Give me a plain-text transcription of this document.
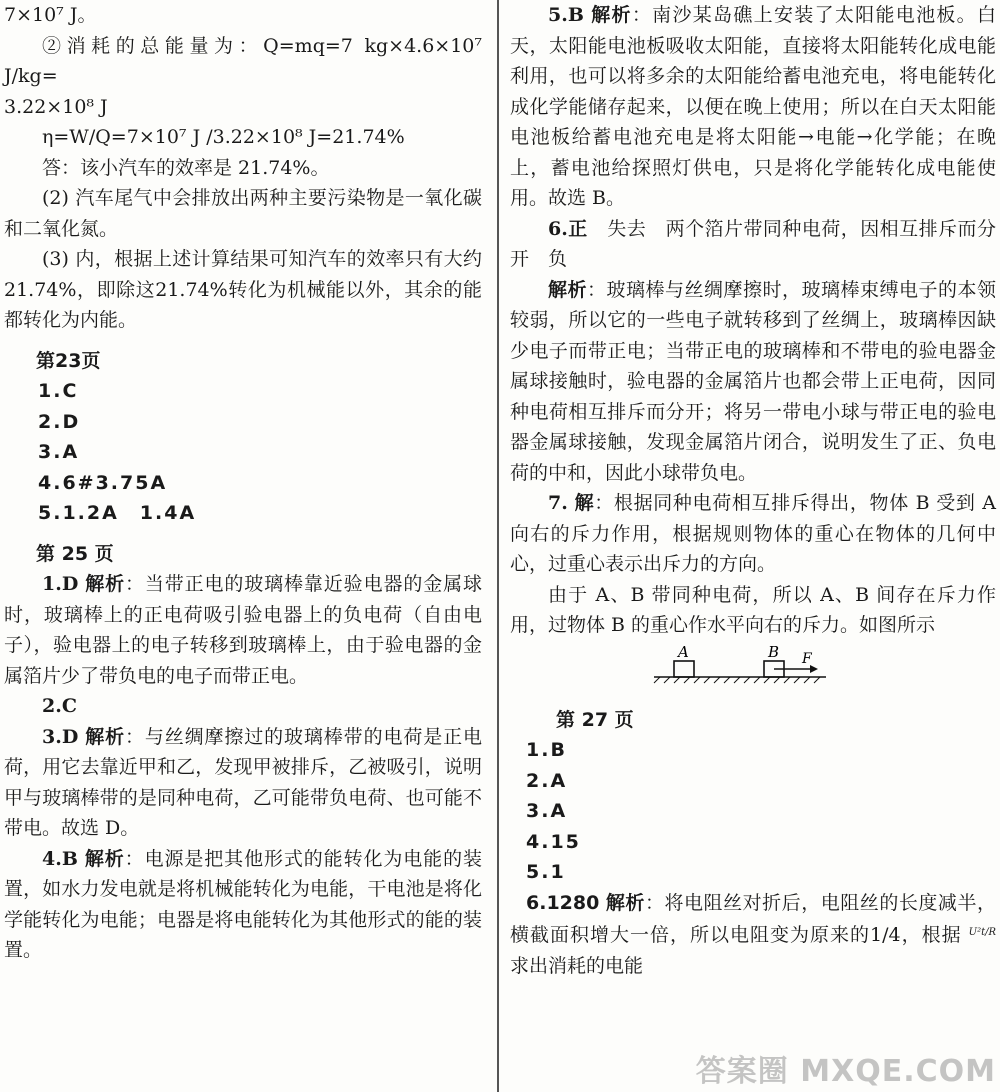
7×10⁷ J。

②消耗的总能量为：Q=mq=7 kg×4.6×10⁷ J/kg=

3.22×10⁸ J

η=W/Q=7×10⁷ J /3.22×10⁸ J=21.74%

答：该小汽车的效率是 21.74%。

(2) 汽车尾气中会排放出两种主要污染物是一氧化碳和二氧化氮。

(3) 内，根据上述计算结果可知汽车的效率只有大约21.74%，即除这21.74%转化为机械能以外，其余的能都转化为内能。

第23页

1.C

2.D

3.A

4.6#3.75A

5.1.2A　1.4A

第 25 页

1.D 解析：当带正电的玻璃棒靠近验电器的金属球时，玻璃棒上的正电荷吸引验电器上的负电荷（自由电子），验电器上的电子转移到玻璃棒上，由于验电器的金属箔片少了带负电的电子而带正电。

2.C

3.D 解析：与丝绸摩擦过的玻璃棒带的电荷是正电荷，用它去靠近甲和乙，发现甲被排斥，乙被吸引，说明甲与玻璃棒带的是同种电荷，乙可能带负电荷、也可能不带电。故选 D。

4.B 解析：电源是把其他形式的能转化为电能的装置，如水力发电就是将机械能转化为电能，干电池是将化学能转化为电能；电器是将电能转化为其他形式的能的装置。

5.B 解析：南沙某岛礁上安装了太阳能电池板。白天，太阳能电池板吸收太阳能，直接将太阳能转化成电能利用，也可以将多余的太阳能给蓄电池充电，将电能转化成化学能储存起来，以便在晚上使用；所以在白天太阳能电池板给蓄电池充电是将太阳能→电能→化学能；在晚上，蓄电池给探照灯供电，只是将化学能转化成电能使用。故选 B。

6.正　失去　两个箔片带同种电荷，因相互排斥而分开　负

解析：玻璃棒与丝绸摩擦时，玻璃棒束缚电子的本领较弱，所以它的一些电子就转移到了丝绸上，玻璃棒因缺少电子而带正电；当带正电的玻璃棒和不带电的验电器金属球接触时，验电器的金属箔片也都会带上正电荷，因同种电荷相互排斥而分开；将另一带电小球与带正电的验电器金属球接触，发现金属箔片闭合，说明发生了正、负电荷的中和，因此小球带负电。

7. 解：根据同种电荷相互排斥得出，物体 B 受到 A 向右的斥力作用，根据规则物体的重心在物体的几何中心，过重心表示出斥力的方向。

由于 A、B 带同种电荷，所以 A、B 间存在斥力作用，过物体 B 的重心作水平向右的斥力。如图所示

A	B F

第 27 页

1.B

2.A

3.A

4.15

5.1

6.1280 解析：将电阻丝对折后，电阻丝的长度减半，横截面积增大一倍，所以电阻变为原来的1/4，根据 $^{U^2t/R}$ 求出消耗的电能

答案圈 MXQE.COM
